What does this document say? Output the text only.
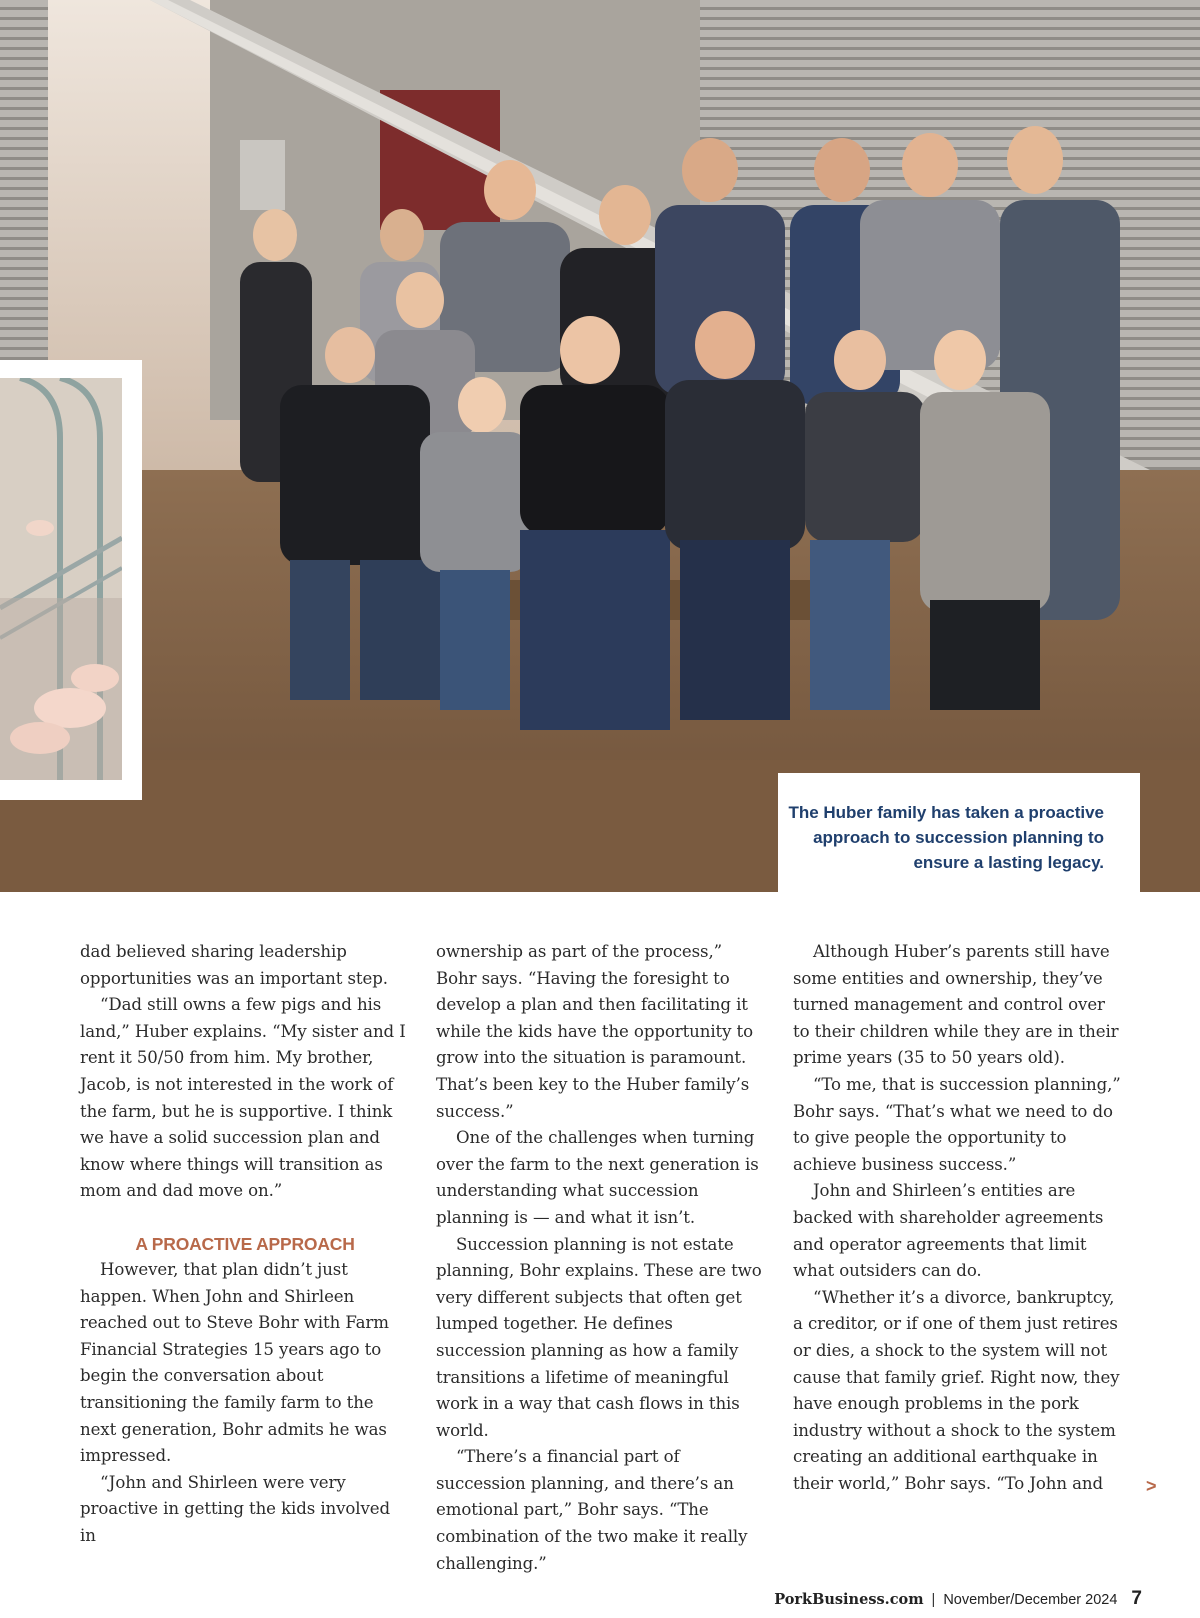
The Huber family has taken a proactive approach to succession planning to ensure a lasting legacy.

dad believed sharing leadership opportunities was an important step.

“Dad still owns a few pigs and his land,” Huber explains. “My sister and I rent it 50/50 from him. My brother, Jacob, is not interested in the work of the farm, but he is supportive. I think we have a solid succession plan and know where things will transition as mom and dad move on.”

A PROACTIVE APPROACH

However, that plan didn’t just happen. When John and Shirleen reached out to Steve Bohr with Farm Financial Strategies 15 years ago to begin the conversation about transitioning the family farm to the next generation, Bohr admits he was impressed.

“John and Shirleen were very proactive in getting the kids involved in

ownership as part of the process,” Bohr says. “Having the foresight to develop a plan and then facilitating it while the kids have the opportunity to grow into the situation is paramount. That’s been key to the Huber family’s success.”

One of the challenges when turning over the farm to the next generation is understanding what succession planning is — and what it isn’t.

Succession planning is not estate planning, Bohr explains. These are two very different subjects that often get lumped together. He defines succession planning as how a family transitions a lifetime of meaningful work in a way that cash flows in this world.

“There’s a financial part of succession planning, and there’s an emotional part,” Bohr says. “The combination of the two make it really challenging.”

Although Huber’s parents still have some entities and ownership, they’ve turned management and control over to their children while they are in their prime years (35 to 50 years old).

“To me, that is succession planning,” Bohr says. “That’s what we need to do to give people the opportunity to achieve business success.”

John and Shirleen’s entities are backed with shareholder agreements and operator agreements that limit what outsiders can do.

“Whether it’s a divorce, bankruptcy, a creditor, or if one of them just retires or dies, a shock to the system will not cause that family grief. Right now, they have enough problems in the pork industry without a shock to the system creating an additional earthquake in their world,” Bohr says. “To John and	>
PorkBusiness.com | November/December 2024 7
